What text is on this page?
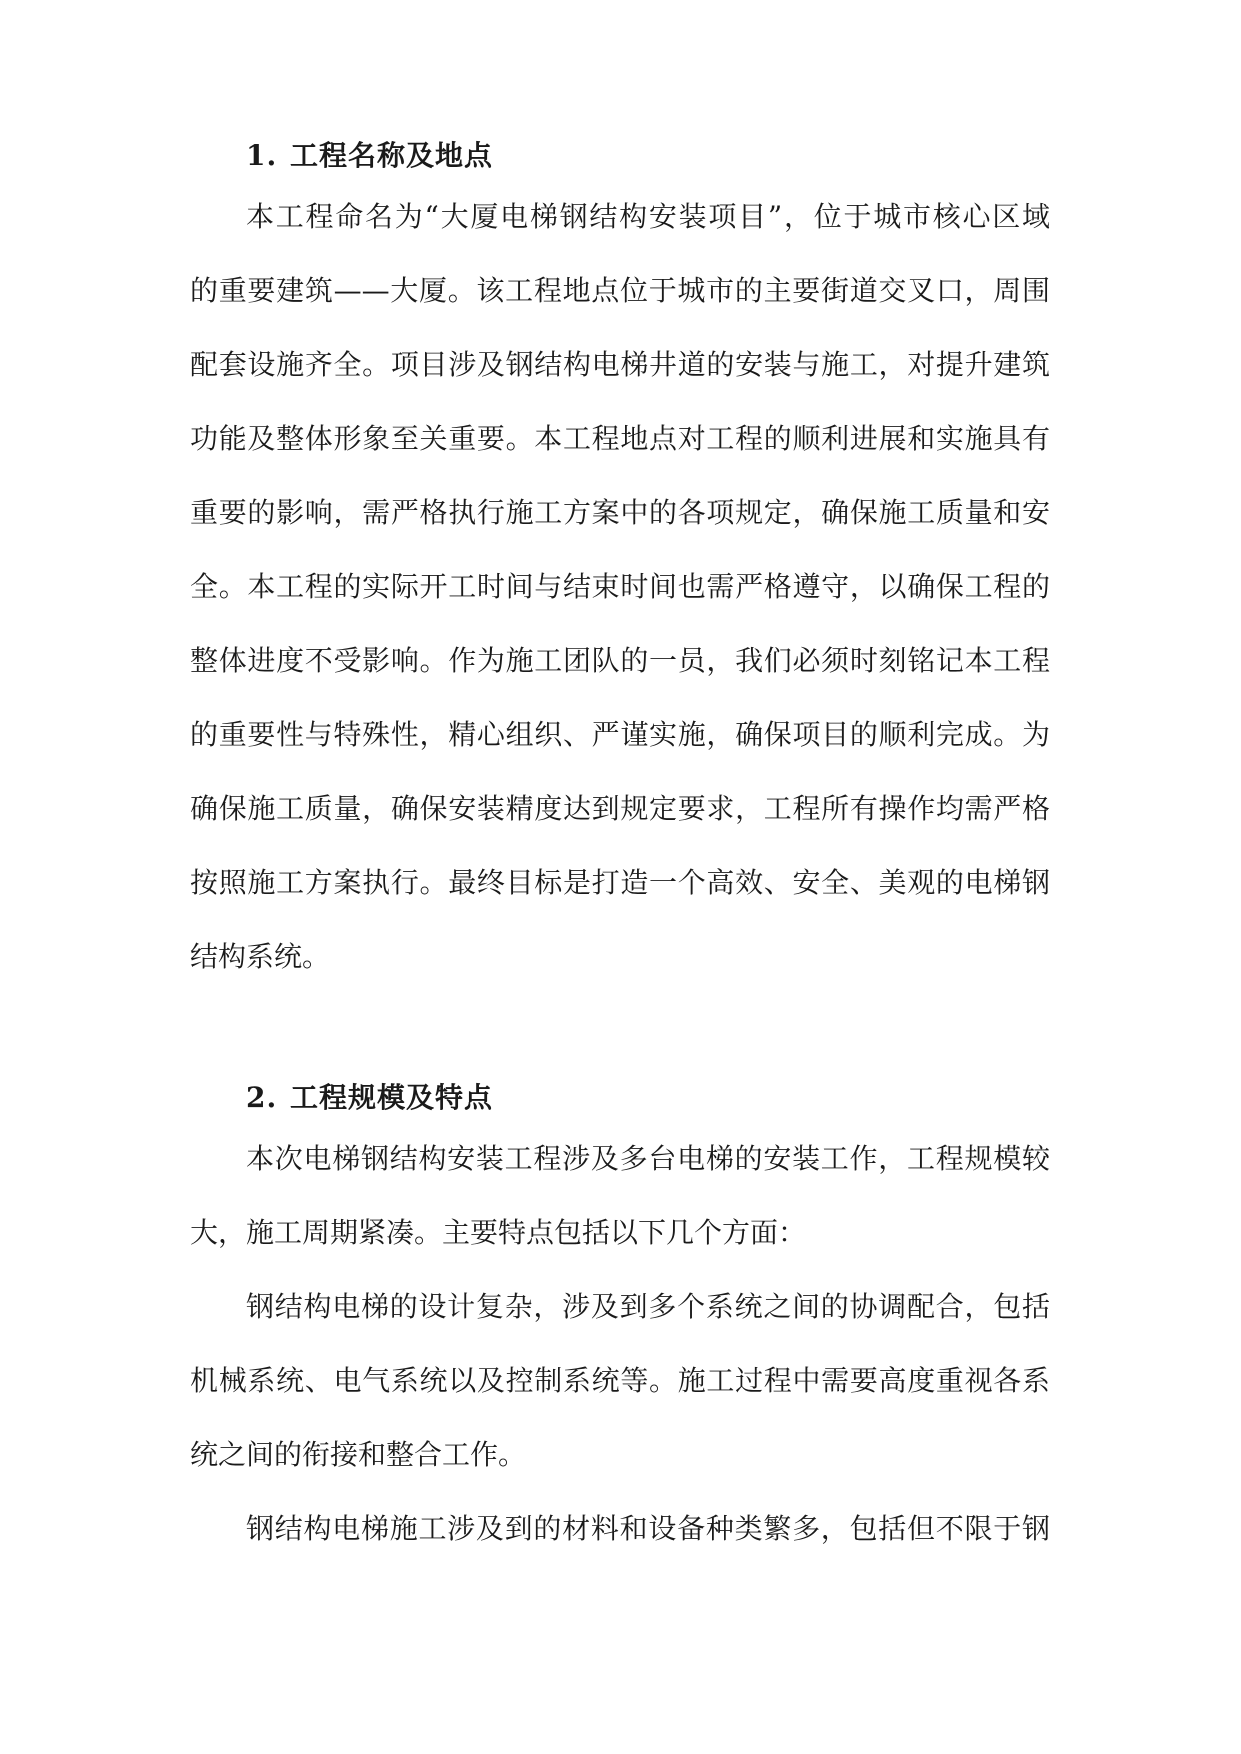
1. 工程名称及地点
本工程命名为“大厦电梯钢结构安装项目”，位于城市核心区域
的重要建筑——大厦。该工程地点位于城市的主要街道交叉口，周围
配套设施齐全。项目涉及钢结构电梯井道的安装与施工，对提升建筑
功能及整体形象至关重要。本工程地点对工程的顺利进展和实施具有
重要的影响，需严格执行施工方案中的各项规定，确保施工质量和安
全。本工程的实际开工时间与结束时间也需严格遵守，以确保工程的
整体进度不受影响。作为施工团队的一员，我们必须时刻铭记本工程
的重要性与特殊性，精心组织、严谨实施，确保项目的顺利完成。为
确保施工质量，确保安装精度达到规定要求，工程所有操作均需严格
按照施工方案执行。最终目标是打造一个高效、安全、美观的电梯钢
结构系统。
2. 工程规模及特点
本次电梯钢结构安装工程涉及多台电梯的安装工作，工程规模较
大，施工周期紧凑。主要特点包括以下几个方面：
钢结构电梯的设计复杂，涉及到多个系统之间的协调配合，包括
机械系统、电气系统以及控制系统等。施工过程中需要高度重视各系
统之间的衔接和整合工作。
钢结构电梯施工涉及到的材料和设备种类繁多，包括但不限于钢
